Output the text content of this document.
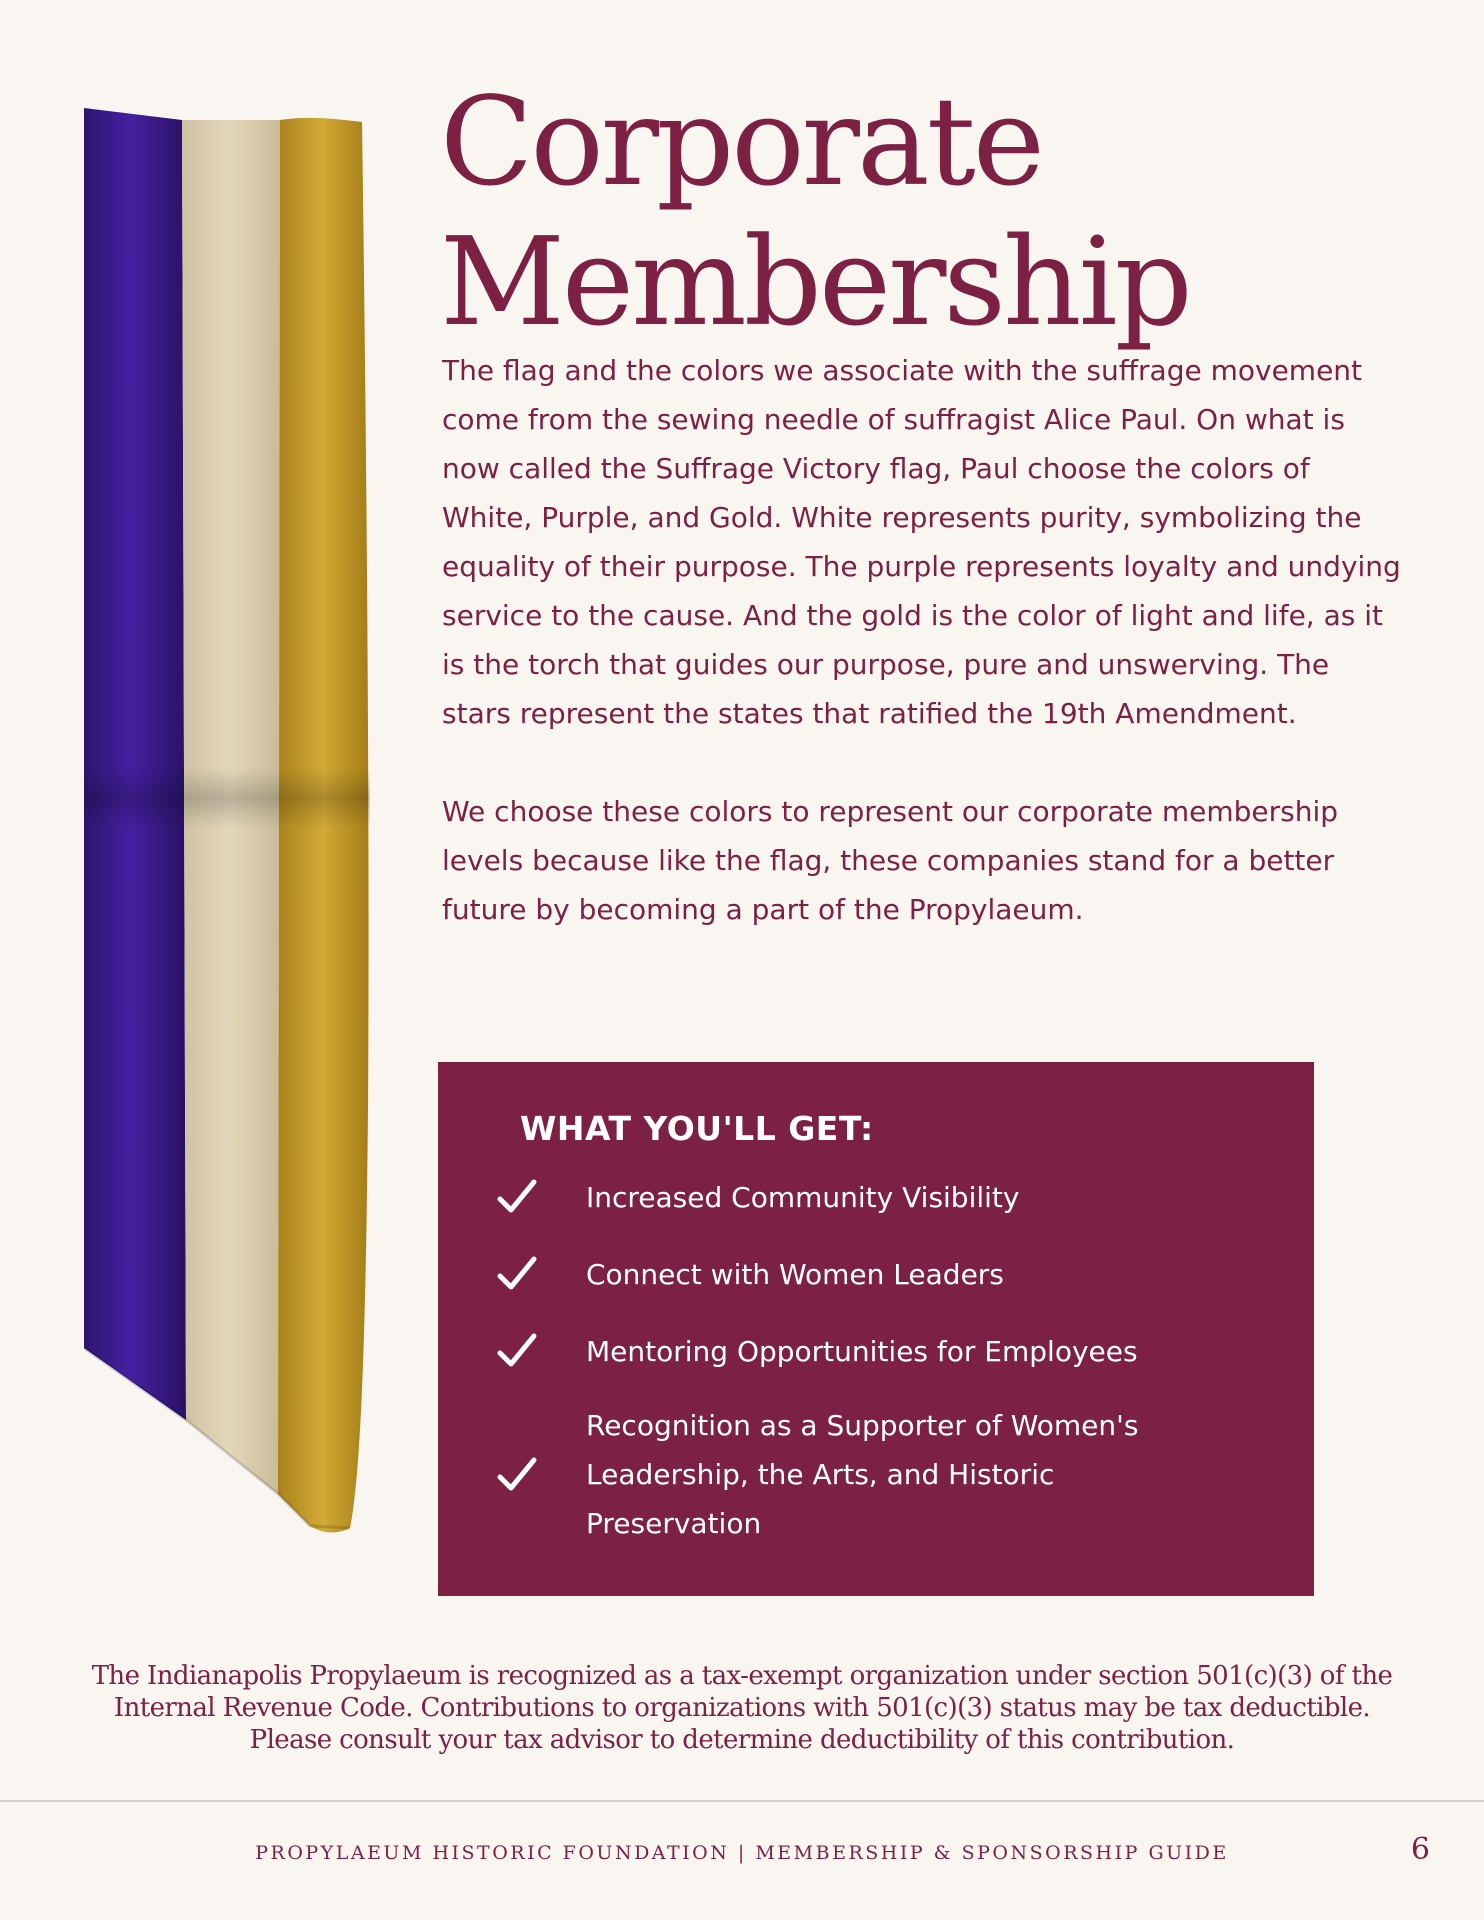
Corporate
Membership

The flag and the colors we associate with the suffrage movement come from the sewing needle of suffragist Alice Paul. On what is now called the Suffrage Victory flag, Paul choose the colors of White, Purple, and Gold. White represents purity, symbolizing the equality of their purpose. The purple represents loyalty and undying service to the cause. And the gold is the color of light and life, as it is the torch that guides our purpose, pure and unswerving. The stars represent the states that ratified the 19th Amendment.

We choose these colors to represent our corporate membership levels because like the flag, these companies stand for a better future by becoming a part of the Propylaeum.

WHAT YOU'LL GET:
Increased Community Visibility
Connect with Women Leaders
Mentoring Opportunities for Employees
Recognition as a Supporter of Women's Leadership, the Arts, and Historic Preservation
The Indianapolis Propylaeum is recognized as a tax-exempt organization under section 501(c)(3) of the Internal Revenue Code. Contributions to organizations with 501(c)(3) status may be tax deductible. Please consult your tax advisor to determine deductibility of this contribution.
PROPYLAEUM HISTORIC FOUNDATION | MEMBERSHIP & SPONSORSHIP GUIDE	6
